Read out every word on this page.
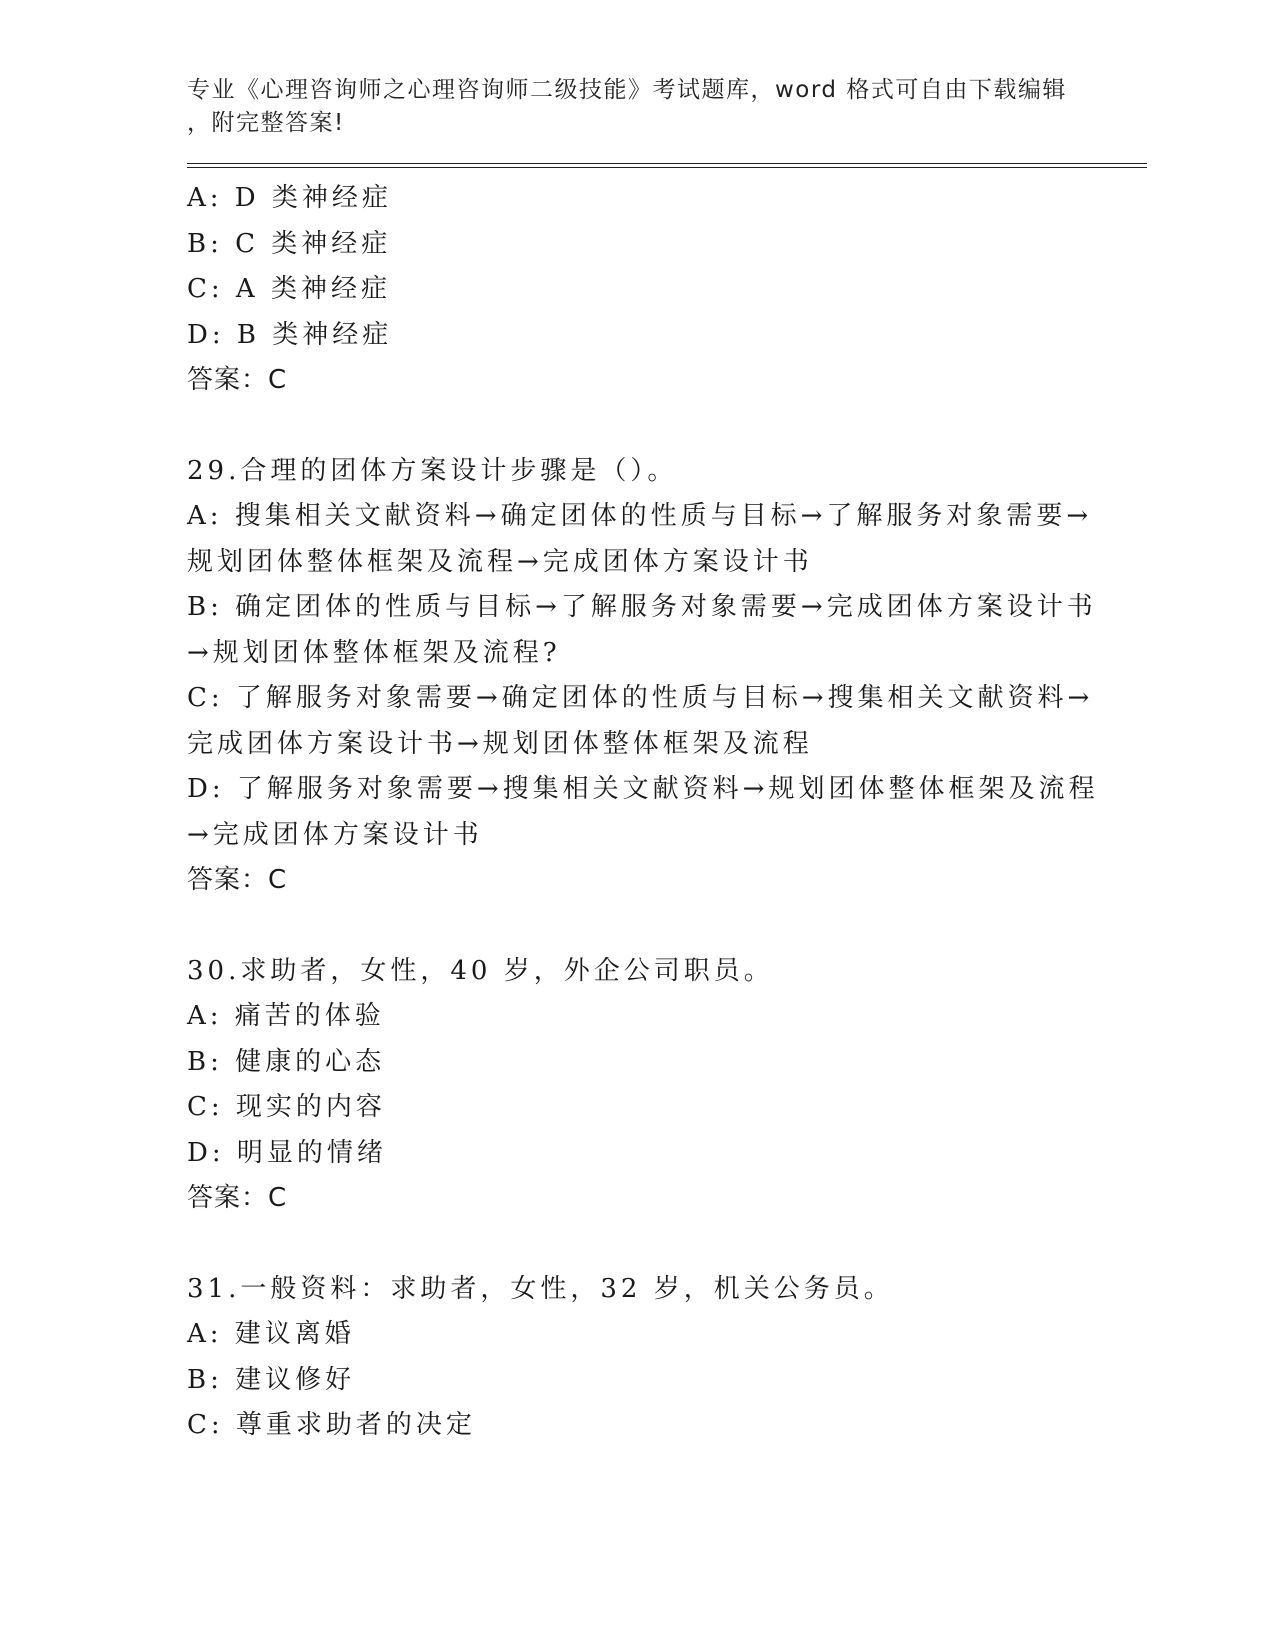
专业《心理咨询师之心理咨询师二级技能》考试题库，word 格式可自由下载编辑
，附完整答案!
A: D 类神经症
B: C 类神经症
C: A 类神经症
D: B 类神经症
答案：C
29.合理的团体方案设计步骤是（）。
A: 搜集相关文献资料→确定团体的性质与目标→了解服务对象需要→
规划团体整体框架及流程→完成团体方案设计书
B: 确定团体的性质与目标→了解服务对象需要→完成团体方案设计书
→规划团体整体框架及流程?
C: 了解服务对象需要→确定团体的性质与目标→搜集相关文献资料→
完成团体方案设计书→规划团体整体框架及流程
D: 了解服务对象需要→搜集相关文献资料→规划团体整体框架及流程
→完成团体方案设计书
答案：C
30.求助者，女性，40 岁，外企公司职员。
A: 痛苦的体验
B: 健康的心态
C: 现实的内容
D: 明显的情绪
答案：C
31.一般资料：求助者，女性，32 岁，机关公务员。
A: 建议离婚
B: 建议修好
C: 尊重求助者的决定
